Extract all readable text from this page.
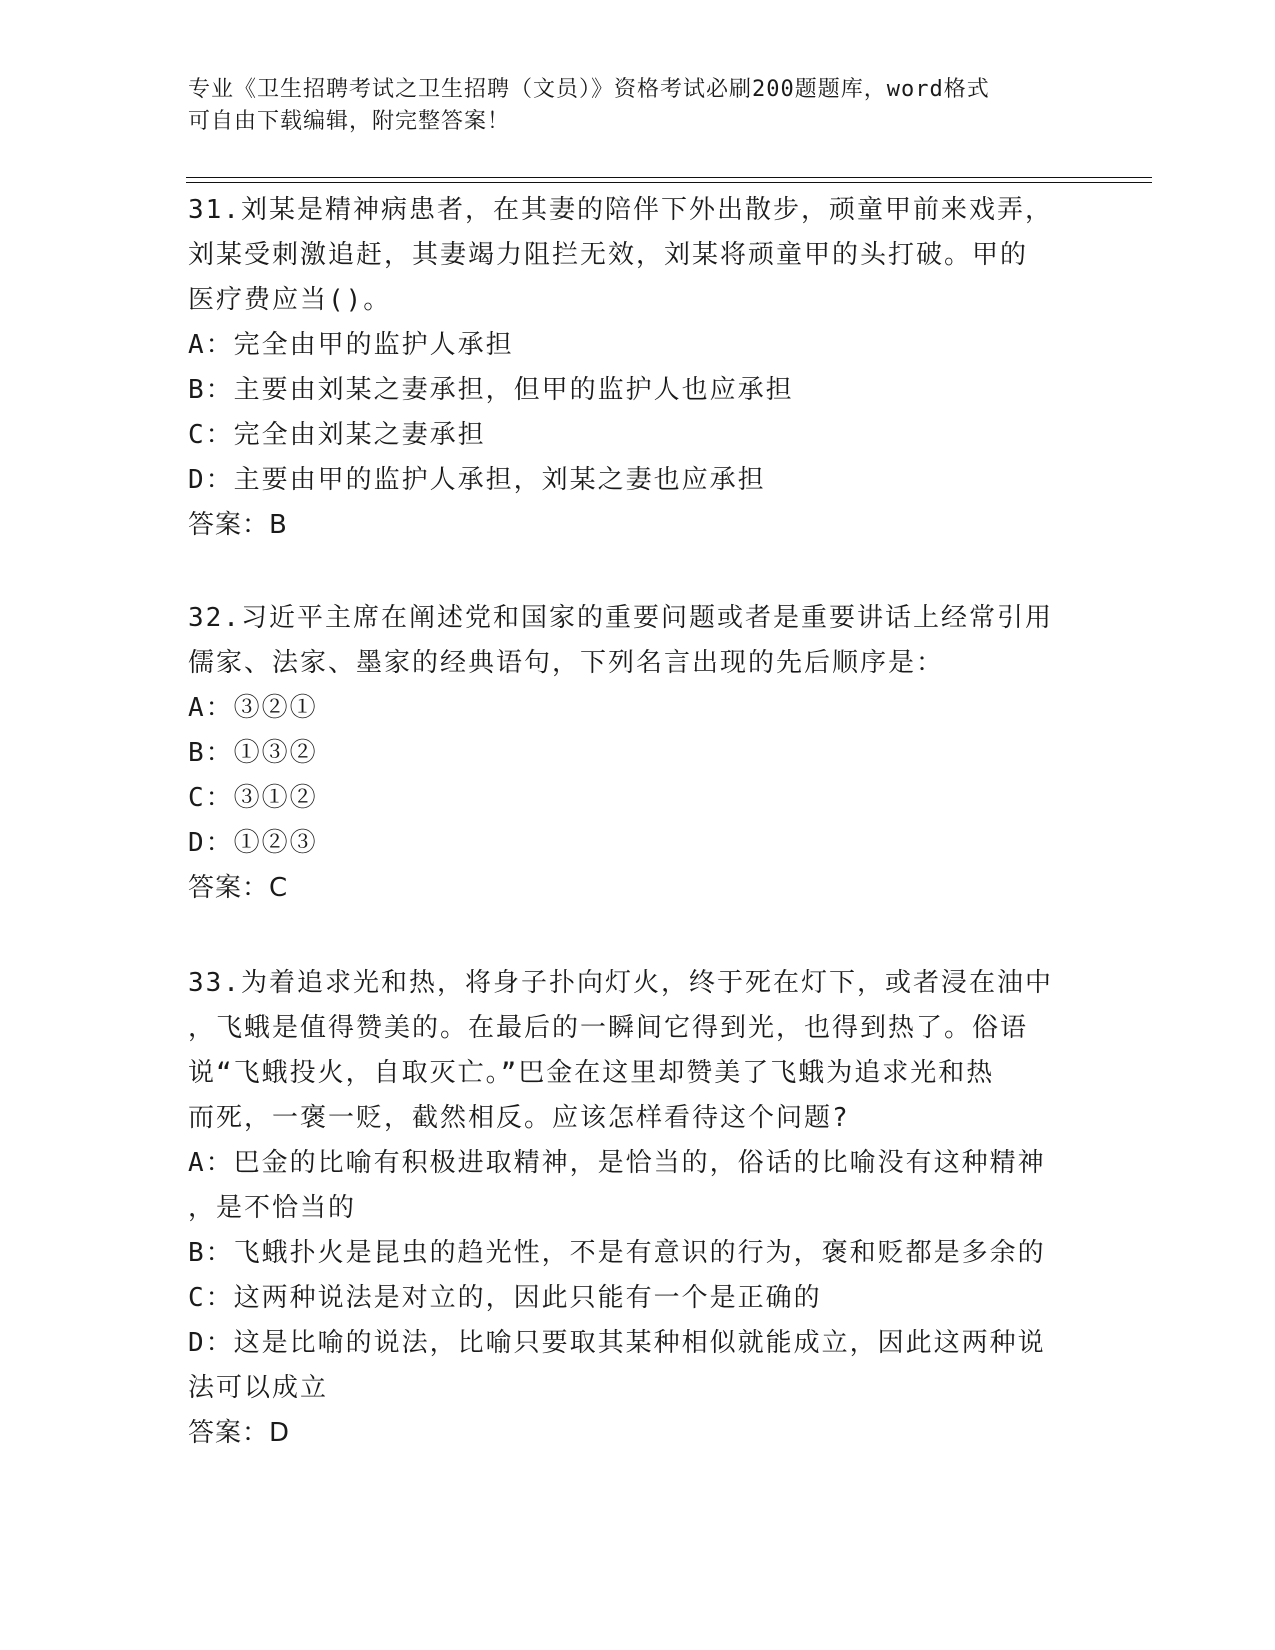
专业《卫生招聘考试之卫生招聘（文员）》资格考试必刷200题题库，word格式
可自由下载编辑，附完整答案！
31.刘某是精神病患者，在其妻的陪伴下外出散步，顽童甲前来戏弄，
刘某受刺激追赶，其妻竭力阻拦无效，刘某将顽童甲的头打破。甲的
医疗费应当()。
A：完全由甲的监护人承担
B：主要由刘某之妻承担，但甲的监护人也应承担
C：完全由刘某之妻承担
D：主要由甲的监护人承担，刘某之妻也应承担
答案：B
32.习近平主席在阐述党和国家的重要问题或者是重要讲话上经常引用
儒家、法家、墨家的经典语句，下列名言出现的先后顺序是：
A：③②①
B：①③②
C：③①②
D：①②③
答案：C
33.为着追求光和热，将身子扑向灯火，终于死在灯下，或者浸在油中
，飞蛾是值得赞美的。在最后的一瞬间它得到光，也得到热了。俗语
说“飞蛾投火，自取灭亡。”巴金在这里却赞美了飞蛾为追求光和热
而死，一褒一贬，截然相反。应该怎样看待这个问题?
A：巴金的比喻有积极进取精神，是恰当的，俗话的比喻没有这种精神
，是不恰当的
B：飞蛾扑火是昆虫的趋光性，不是有意识的行为，褒和贬都是多余的
C：这两种说法是对立的，因此只能有一个是正确的
D：这是比喻的说法，比喻只要取其某种相似就能成立，因此这两种说
法可以成立
答案：D
